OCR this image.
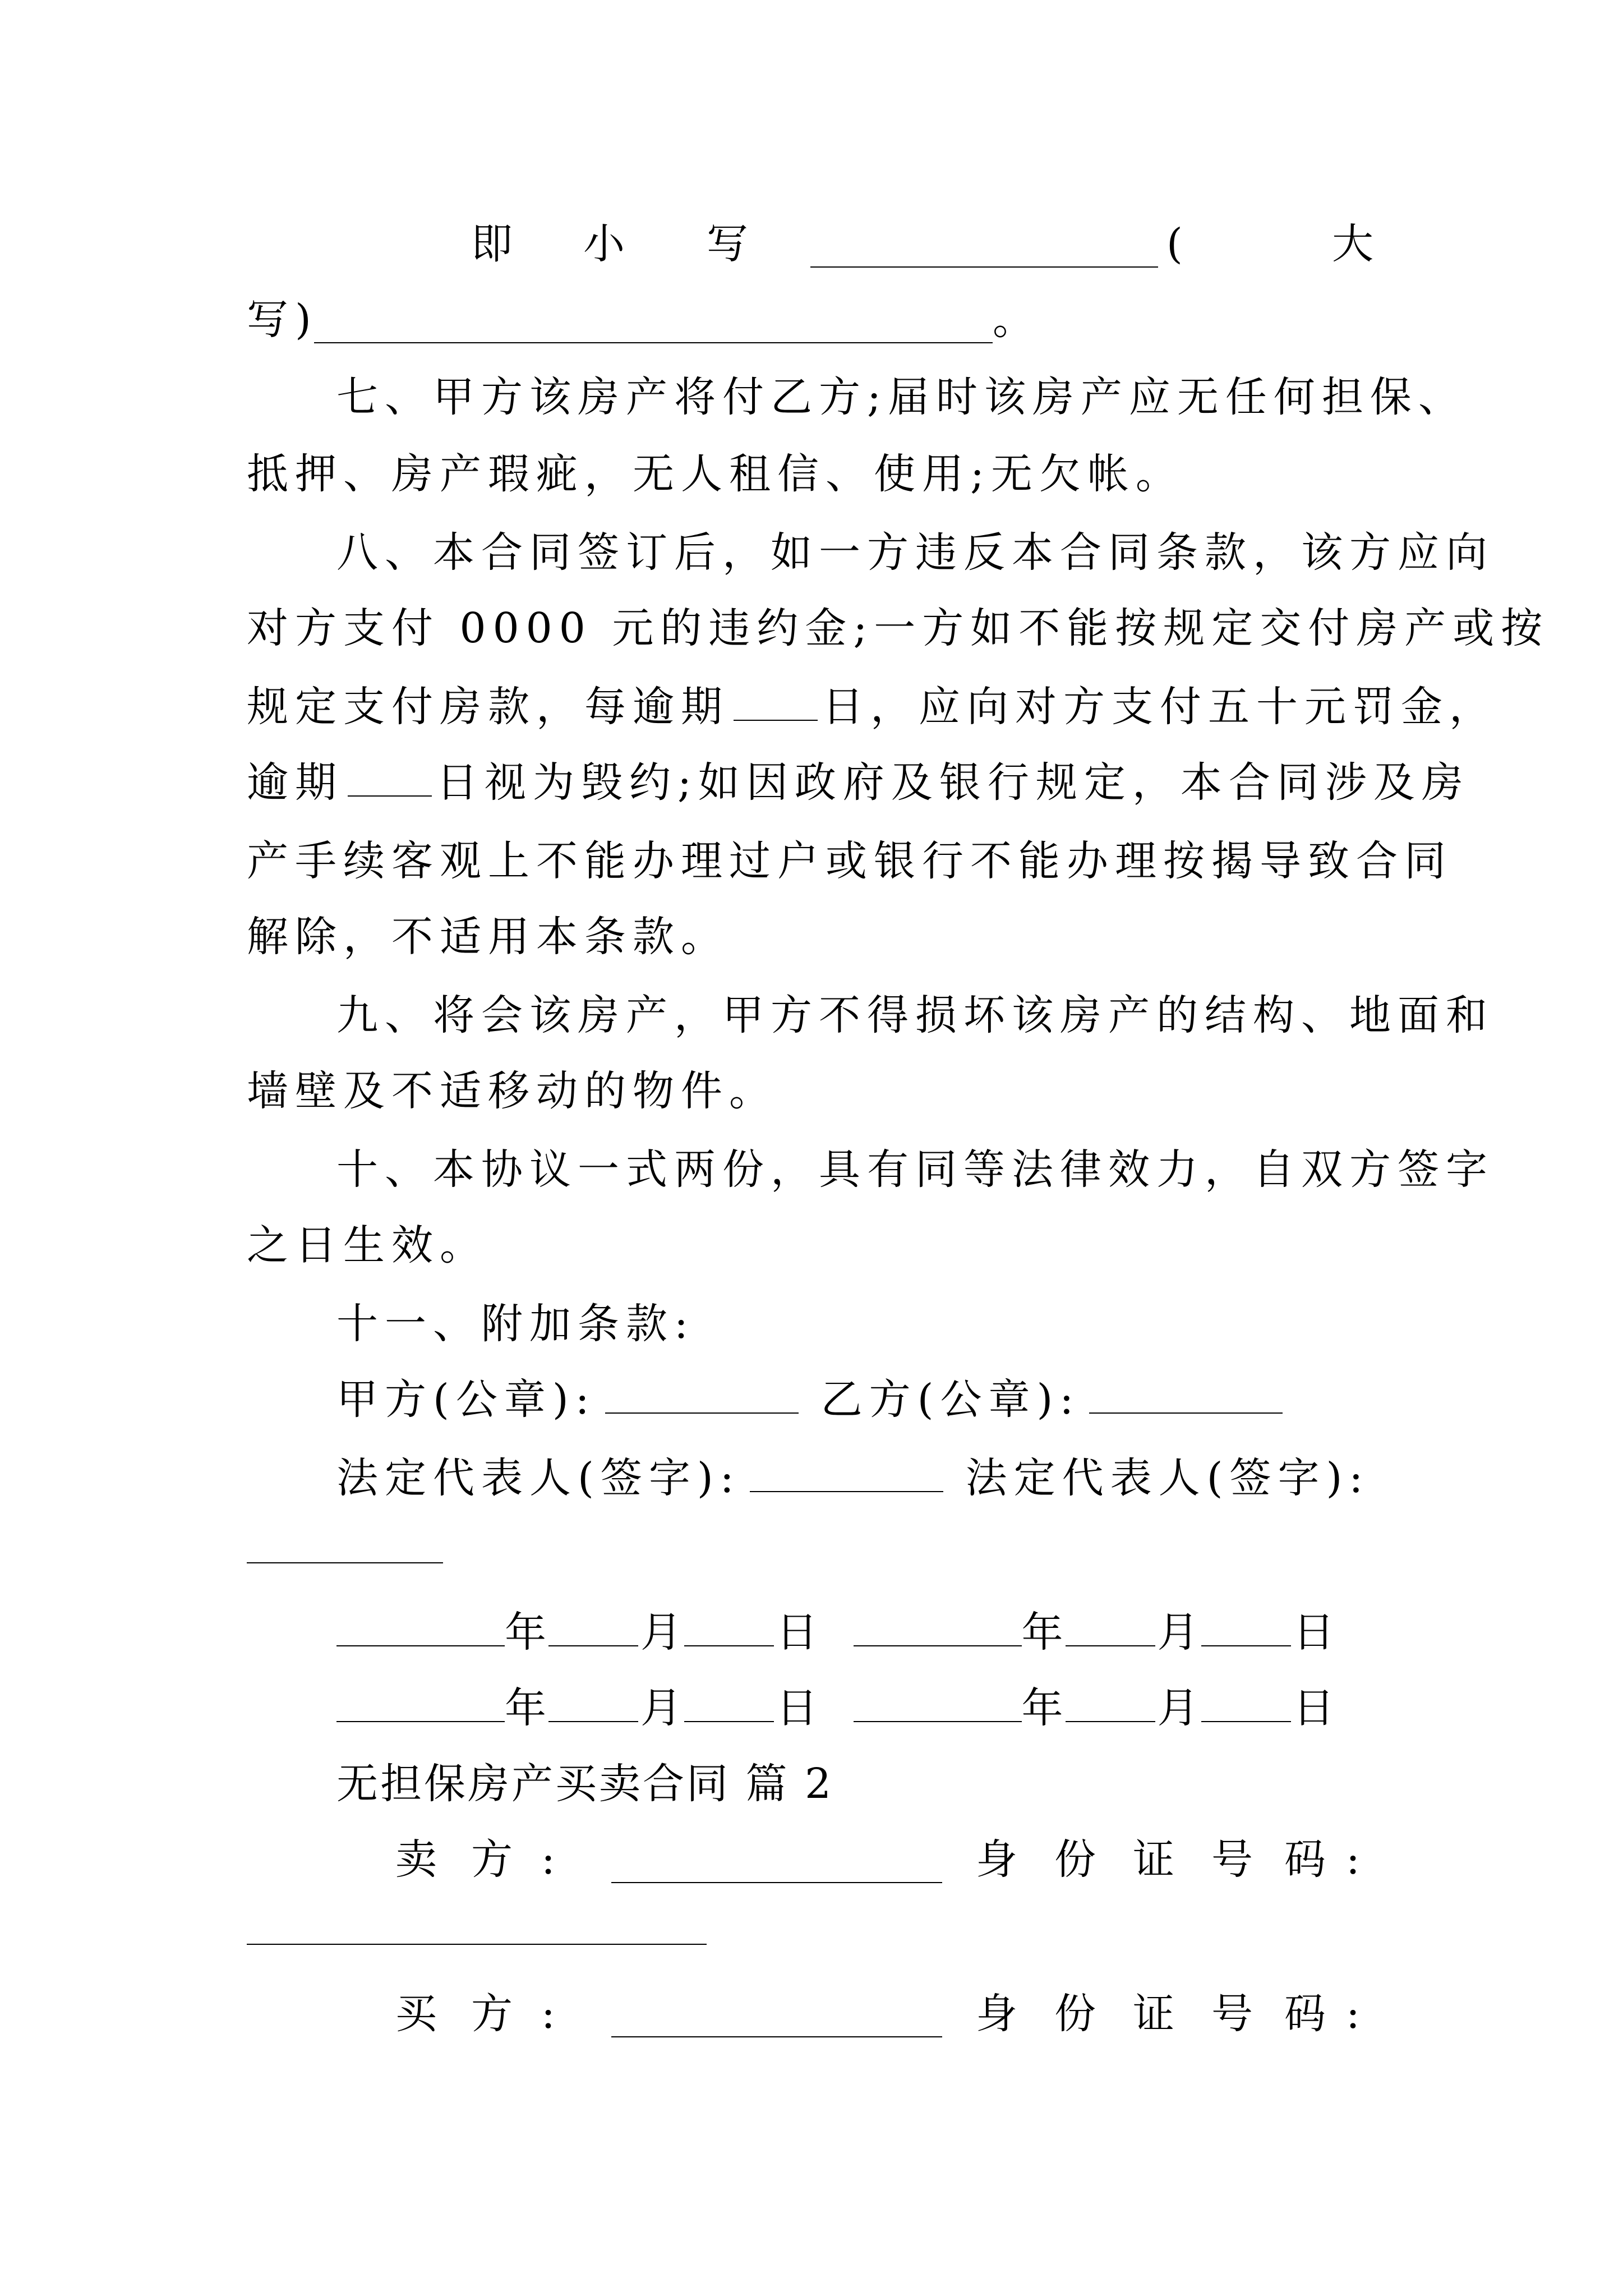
即 小 写	(	大
写)	。
七、甲方该房产将付乙方;届时该房产应无任何担保、
抵押、房产瑕疵，无人租信、使用;无欠帐。
八、本合同签订后，如一方违反本合同条款，该方应向
对方支付 0000 元的违约金;一方如不能按规定交付房产或按
规定支付房款，每逾期 日，应向对方支付五十元罚金，
逾期 日视为毁约;如因政府及银行规定，本合同涉及房
产手续客观上不能办理过户或银行不能办理按揭导致合同
解除，不适用本条款。
九、将会该房产，甲方不得损坏该房产的结构、地面和
墙壁及不适移动的物件。
十、本协议一式两份，具有同等法律效力，自双方签字
之日生效。
十一、附加条款:
甲方(公章):	乙方(公章):
法定代表人(签字):	法定代表人(签字):
年 月 日	年 月 日
年 月 日	年 月 日
无担保房产买卖合同 篇 2
卖 方 :	身 份 证 号 码 :
买 方 :	身 份 证 号 码 :
